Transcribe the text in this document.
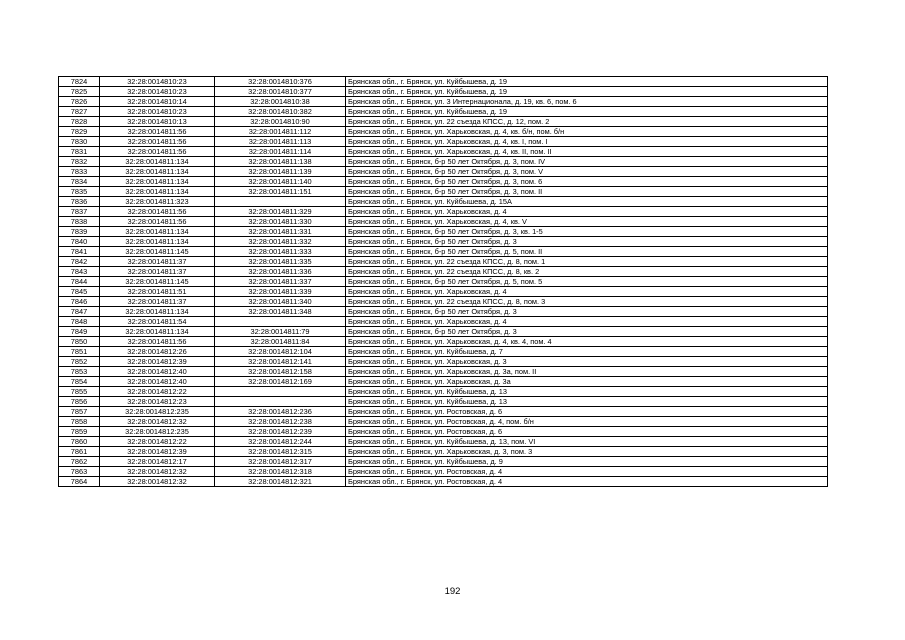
7824	32:28:0014810:23	32:28:0014810:376	Брянская обл., г. Брянск, ул. Куйбышева, д. 19
7825	32:28:0014810:23	32:28:0014810:377	Брянская обл., г. Брянск, ул. Куйбышева, д. 19
7826	32:28:0014810:14	32:28:0014810:38	Брянская обл., г. Брянск, ул. 3 Интернационала, д. 19, кв. 6, пом. 6
7827	32:28:0014810:23	32:28:0014810:382	Брянская обл., г. Брянск, ул. Куйбышева, д. 19
7828	32:28:0014810:13	32:28:0014810:90	Брянская обл., г. Брянск, ул. 22 съезда КПСС, д. 12, пом. 2
7829	32:28:0014811:56	32:28:0014811:112	Брянская обл., г. Брянск, ул. Харьковская, д. 4, кв. б/н, пом. б/н
7830	32:28:0014811:56	32:28:0014811:113	Брянская обл., г. Брянск, ул. Харьковская, д. 4, кв. I, пом. I
7831	32:28:0014811:56	32:28:0014811:114	Брянская обл., г. Брянск, ул. Харьковская, д. 4, кв. II, пом. II
7832	32:28:0014811:134	32:28:0014811:138	Брянская обл., г. Брянск, б-р 50 лет Октября, д. 3, пом. IV
7833	32:28:0014811:134	32:28:0014811:139	Брянская обл., г. Брянск, б-р 50 лет Октября, д. 3, пом. V
7834	32:28:0014811:134	32:28:0014811:140	Брянская обл., г. Брянск, б-р 50 лет Октября, д. 3, пом. 6
7835	32:28:0014811:134	32:28:0014811:151	Брянская обл., г. Брянск, б-р 50 лет Октября, д. 3, пом. II
7836	32:28:0014811:323		Брянская обл., г. Брянск, ул. Куйбышева, д. 15А
7837	32:28:0014811:56	32:28:0014811:329	Брянская обл., г. Брянск, ул. Харьковская, д. 4
7838	32:28:0014811:56	32:28:0014811:330	Брянская обл., г. Брянск, ул. Харьковская, д. 4, кв. V
7839	32:28:0014811:134	32:28:0014811:331	Брянская обл., г. Брянск, б-р 50 лет Октября, д. 3, кв. 1-5
7840	32:28:0014811:134	32:28:0014811:332	Брянская обл., г. Брянск, б-р 50 лет Октября, д. 3
7841	32:28:0014811:145	32:28:0014811:333	Брянская обл., г. Брянск, б-р 50 лет Октября, д. 5, пом. II
7842	32:28:0014811:37	32:28:0014811:335	Брянская обл., г. Брянск, ул. 22 съезда КПСС, д. 8, пом. 1
7843	32:28:0014811:37	32:28:0014811:336	Брянская обл., г. Брянск, ул. 22 съезда КПСС, д. 8, кв. 2
7844	32:28:0014811:145	32:28:0014811:337	Брянская обл., г. Брянск, б-р 50 лет Октября, д. 5, пом. 5
7845	32:28:0014811:51	32:28:0014811:339	Брянская обл., г. Брянск, ул. Харьковская, д. 4
7846	32:28:0014811:37	32:28:0014811:340	Брянская обл., г. Брянск, ул. 22 съезда КПСС, д. 8, пом. 3
7847	32:28:0014811:134	32:28:0014811:348	Брянская обл., г. Брянск, б-р 50 лет Октября, д. 3
7848	32:28:0014811:54		Брянская обл., г. Брянск, ул. Харьковская, д. 4
7849	32:28:0014811:134	32:28:0014811:79	Брянская обл., г. Брянск, б-р 50 лет Октября, д. 3
7850	32:28:0014811:56	32:28:0014811:84	Брянская обл., г. Брянск, ул. Харьковская, д. 4, кв. 4, пом. 4
7851	32:28:0014812:26	32:28:0014812:104	Брянская обл., г. Брянск, ул. Куйбышева, д. 7
7852	32:28:0014812:39	32:28:0014812:141	Брянская обл., г. Брянск, ул. Харьковская, д. 3
7853	32:28:0014812:40	32:28:0014812:158	Брянская обл., г. Брянск, ул. Харьковская, д. 3а, пом. II
7854	32:28:0014812:40	32:28:0014812:169	Брянская обл., г. Брянск, ул. Харьковская, д. 3а
7855	32:28:0014812:22		Брянская обл., г. Брянск, ул. Куйбышева, д. 13
7856	32:28:0014812:23		Брянская обл., г. Брянск, ул. Куйбышева, д. 13
7857	32:28:0014812:235	32:28:0014812:236	Брянская обл., г. Брянск, ул. Ростовская, д. 6
7858	32:28:0014812:32	32:28:0014812:238	Брянская обл., г. Брянск, ул. Ростовская, д. 4, пом. б/н
7859	32:28:0014812:235	32:28:0014812:239	Брянская обл., г. Брянск, ул. Ростовская, д. 6
7860	32:28:0014812:22	32:28:0014812:244	Брянская обл., г. Брянск, ул. Куйбышева, д. 13, пом. VI
7861	32:28:0014812:39	32:28:0014812:315	Брянская обл., г. Брянск, ул. Харьковская, д. 3, пом. 3
7862	32:28:0014812:17	32:28:0014812:317	Брянская обл., г. Брянск, ул. Куйбышева, д. 9
7863	32:28:0014812:32	32:28:0014812:318	Брянская обл., г. Брянск, ул. Ростовская, д. 4
7864	32:28:0014812:32	32:28:0014812:321	Брянская обл., г. Брянск, ул. Ростовская, д. 4
192
